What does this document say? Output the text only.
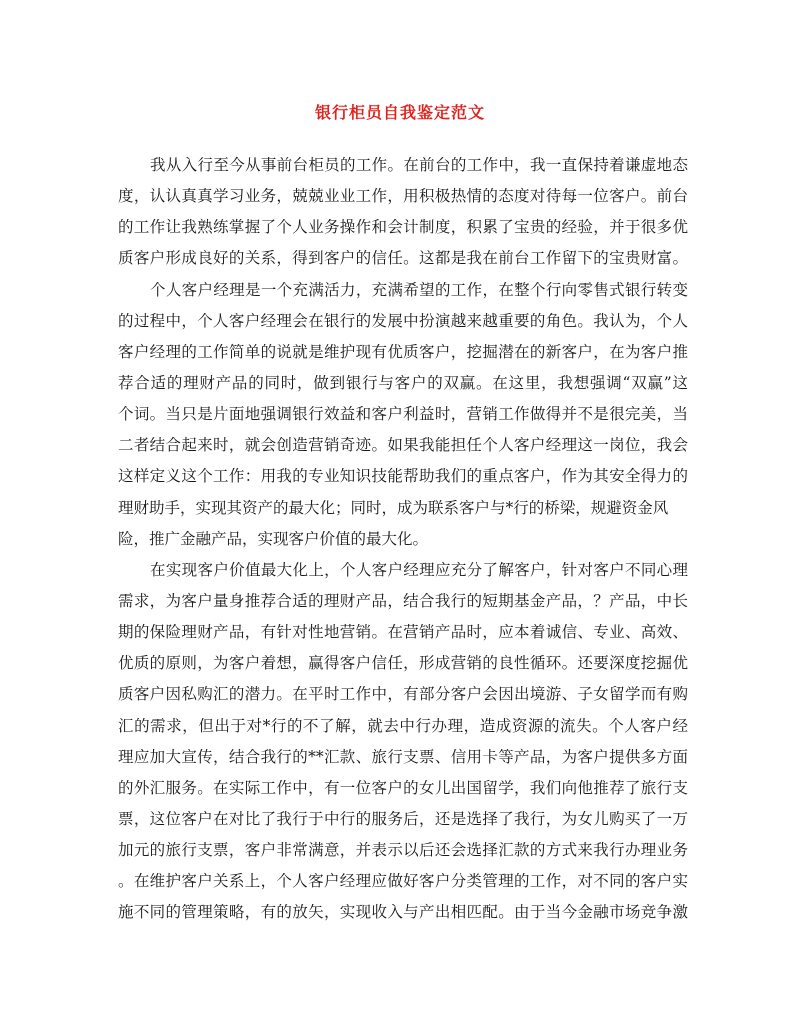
银行柜员自我鉴定范文
我从入行至今从事前台柜员的工作。在前台的工作中，我一直保持着谦虚地态
度，认认真真学习业务，兢兢业业工作，用积极热情的态度对待每一位客户。前台
的工作让我熟练掌握了个人业务操作和会计制度，积累了宝贵的经验，并于很多优
质客户形成良好的关系，得到客户的信任。这都是我在前台工作留下的宝贵财富。
个人客户经理是一个充满活力，充满希望的工作，在整个行向零售式银行转变
的过程中，个人客户经理会在银行的发展中扮演越来越重要的角色。我认为，个人
客户经理的工作简单的说就是维护现有优质客户，挖掘潜在的新客户，在为客户推
荐合适的理财产品的同时，做到银行与客户的双赢。在这里，我想强调“双赢”这
个词。当只是片面地强调银行效益和客户利益时，营销工作做得并不是很完美，当
二者结合起来时，就会创造营销奇迹。如果我能担任个人客户经理这一岗位，我会
这样定义这个工作：用我的专业知识技能帮助我们的重点客户，作为其安全得力的
理财助手，实现其资产的最大化；同时，成为联系客户与*行的桥梁，规避资金风
险，推广金融产品，实现客户价值的最大化。
在实现客户价值最大化上，个人客户经理应充分了解客户，针对客户不同心理
需求，为客户量身推荐合适的理财产品，结合我行的短期基金产品，？产品，中长
期的保险理财产品，有针对性地营销。在营销产品时，应本着诚信、专业、高效、
优质的原则，为客户着想，赢得客户信任，形成营销的良性循环。还要深度挖掘优
质客户因私购汇的潜力。在平时工作中，有部分客户会因出境游、子女留学而有购
汇的需求，但出于对*行的不了解，就去中行办理，造成资源的流失。个人客户经
理应加大宣传，结合我行的**汇款、旅行支票、信用卡等产品，为客户提供多方面
的外汇服务。在实际工作中，有一位客户的女儿出国留学，我们向他推荐了旅行支
票，这位客户在对比了我行于中行的服务后，还是选择了我行，为女儿购买了一万
加元的旅行支票，客户非常满意，并表示以后还会选择汇款的方式来我行办理业务
。在维护客户关系上，个人客户经理应做好客户分类管理的工作，对不同的客户实
施不同的管理策略，有的放矢，实现收入与产出相匹配。由于当今金融市场竞争激
